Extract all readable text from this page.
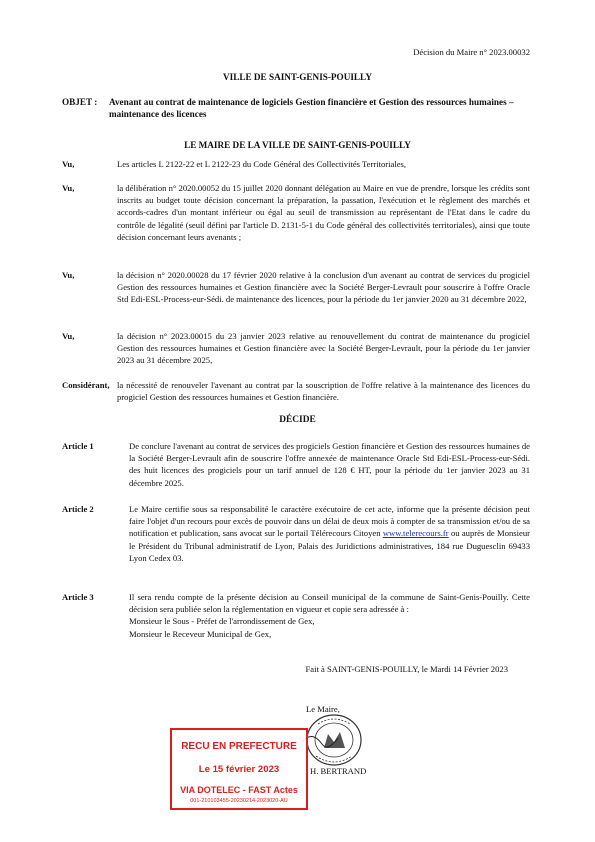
Décision du Maire n° 2023.00032
VILLE DE SAINT-GENIS-POUILLY
OBJET : Avenant au contrat de maintenance de logiciels Gestion financière et Gestion des ressources humaines – maintenance des licences
LE MAIRE DE LA VILLE DE SAINT-GENIS-POUILLY
Vu,	Les articles L 2122-22 et L 2122-23 du Code Général des Collectivités Territoriales,
Vu,	la délibération n° 2020.00052 du 15 juillet 2020 donnant délégation au Maire en vue de prendre, lorsque les crédits sont inscrits au budget toute décision concernant la préparation, la passation, l'exécution et le règlement des marchés et accords-cadres d'un montant inférieur ou égal au seuil de transmission au représentant de l'Etat dans le cadre du contrôle de légalité (seuil défini par l'article D. 2131-5-1 du Code général des collectivités territoriales), ainsi que toute décision concernant leurs avenants ;
Vu,	la décision n° 2020.00028 du 17 février 2020 relative à la conclusion d'un avenant au contrat de services du progiciel Gestion des ressources humaines et Gestion financière avec la Société Berger-Levrault pour souscrire à l'offre Oracle Std Edi-ESL-Process-eur-Sédi. de maintenance des licences, pour la période du 1er janvier 2020 au 31 décembre 2022,
Vu,	la décision n° 2023.00015 du 23 janvier 2023 relative au renouvellement du contrat de maintenance du progiciel Gestion des ressources humaines et Gestion financière avec la Société Berger-Levrault, pour la période du 1er janvier 2023 au 31 décembre 2025,
Considérant, la nécessité de renouveler l'avenant au contrat par la souscription de l'offre relative à la maintenance des licences du progiciel Gestion des ressources humaines et Gestion financière.
DÉCIDE
Article 1	De conclure l'avenant au contrat de services des progiciels Gestion financière et Gestion des ressources humaines de la Société Berger-Levrault afin de souscrire l'offre annexée de maintenance Oracle Std Edi-ESL-Process-eur-Sédi. des huit licences des progiciels pour un tarif annuel de 128 € HT, pour la période du 1er janvier 2023 au 31 décembre 2025.
Article 2	Le Maire certifie sous sa responsabilité le caractère exécutoire de cet acte, informe que la présente décision peut faire l'objet d'un recours pour excès de pouvoir dans un délai de deux mois à compter de sa transmission et/ou de sa notification et publication, sans avocat sur le portail Télérecours Citoyen www.telerecours.fr ou auprès de Monsieur le Président du Tribunal administratif de Lyon, Palais des Juridictions administratives, 184 rue Duguesclin 69433 Lyon Cedex 03.
Article 3	Il sera rendu compte de la présente décision au Conseil municipal de la commune de Saint-Genis-Pouilly. Cette décision sera publiée selon la réglementation en vigueur et copie sera adressée à :
Monsieur le Sous - Préfet de l'arrondissement de Gex,
Monsieur le Receveur Municipal de Gex,
Fait à SAINT-GENIS-POUILLY, le Mardi 14 Février 2023
Le Maire,
H. BERTRAND
RECU EN PREFECTURE
Le 15 février 2023
VIA DOTELEC - FAST Actes
001-210103455-20230214-2023020-AU
